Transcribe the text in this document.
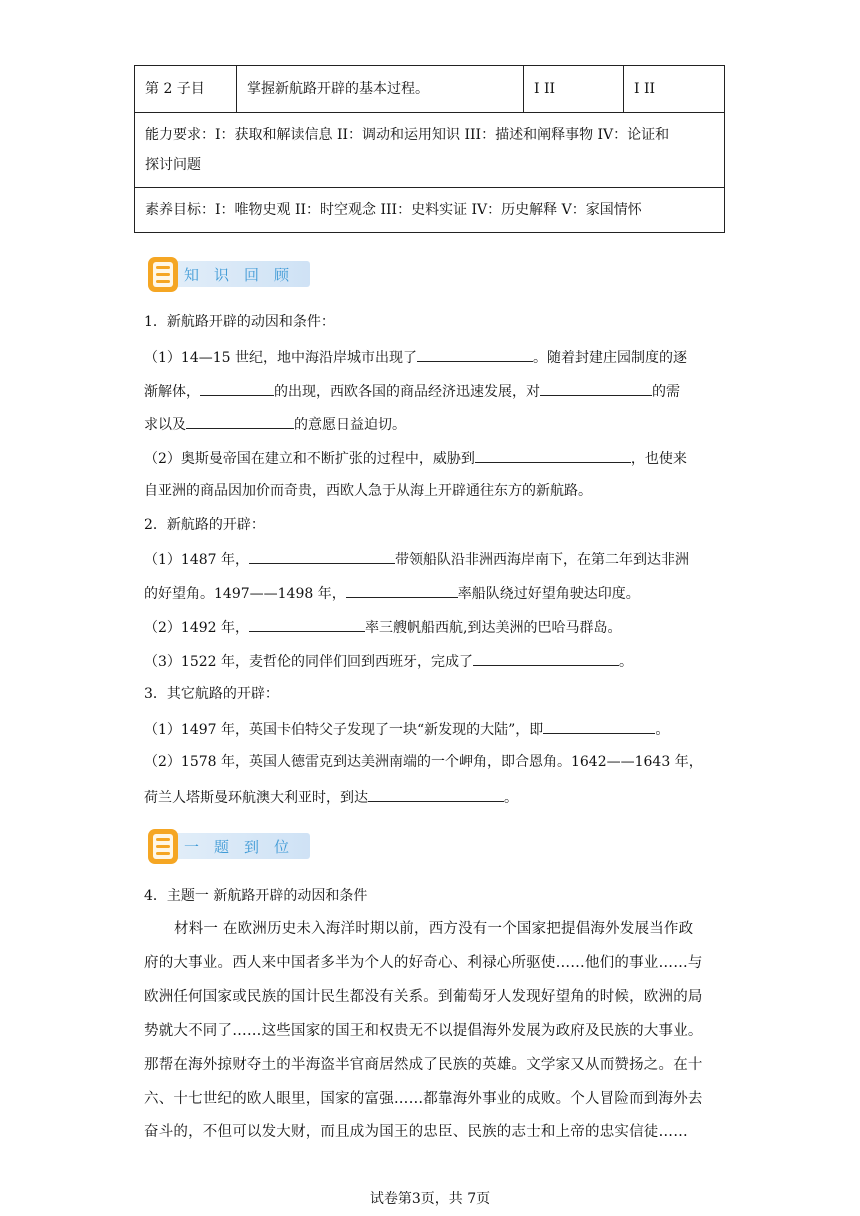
第 2 子目	掌握新航路开辟的基本过程。	I II	I II
能力要求：I：获取和解读信息 II：调动和运用知识 III：描述和阐释事物 IV：论证和
探讨问题
素养目标：I：唯物史观 II：时空观念 III：史料实证 IV：历史解释 V：家国情怀
知识回顾
1．新航路开辟的动因和条件：
（1）14—15 世纪，地中海沿岸城市出现了	。随着封建庄园制度的逐
渐解体，	的出现，西欧各国的商品经济迅速发展，对	的需
求以及	的意愿日益迫切。
（2）奥斯曼帝国在建立和不断扩张的过程中，威胁到	，也使来
自亚洲的商品因加价而奇贵，西欧人急于从海上开辟通往东方的新航路。
2．新航路的开辟：
（1）1487 年，	带领船队沿非洲西海岸南下，在第二年到达非洲
的好望角。1497——1498 年，	率船队绕过好望角驶达印度。
（2）1492 年，	率三艘帆船西航,到达美洲的巴哈马群岛。
（3）1522 年，麦哲伦的同伴们回到西班牙，完成了	。
3．其它航路的开辟：
（1）1497 年，英国卡伯特父子发现了一块“新发现的大陆”，即	。
（2）1578 年，英国人德雷克到达美洲南端的一个岬角，即合恩角。1642——1643 年，
荷兰人塔斯曼环航澳大利亚时，到达	。
一题到位
4．主题一 新航路开辟的动因和条件
材料一 在欧洲历史未入海洋时期以前，西方没有一个国家把提倡海外发展当作政
府的大事业。西人来中国者多半为个人的好奇心、利禄心所驱使……他们的事业……与
欧洲任何国家或民族的国计民生都没有关系。到葡萄牙人发现好望角的时候，欧洲的局
势就大不同了……这些国家的国王和权贵无不以提倡海外发展为政府及民族的大事业。
那帮在海外掠财夺土的半海盗半官商居然成了民族的英雄。文学家又从而赞扬之。在十
六、十七世纪的欧人眼里，国家的富强……都靠海外事业的成败。个人冒险而到海外去
奋斗的，不但可以发大财，而且成为国王的忠臣、民族的志士和上帝的忠实信徒……
试卷第3页，共 7页
